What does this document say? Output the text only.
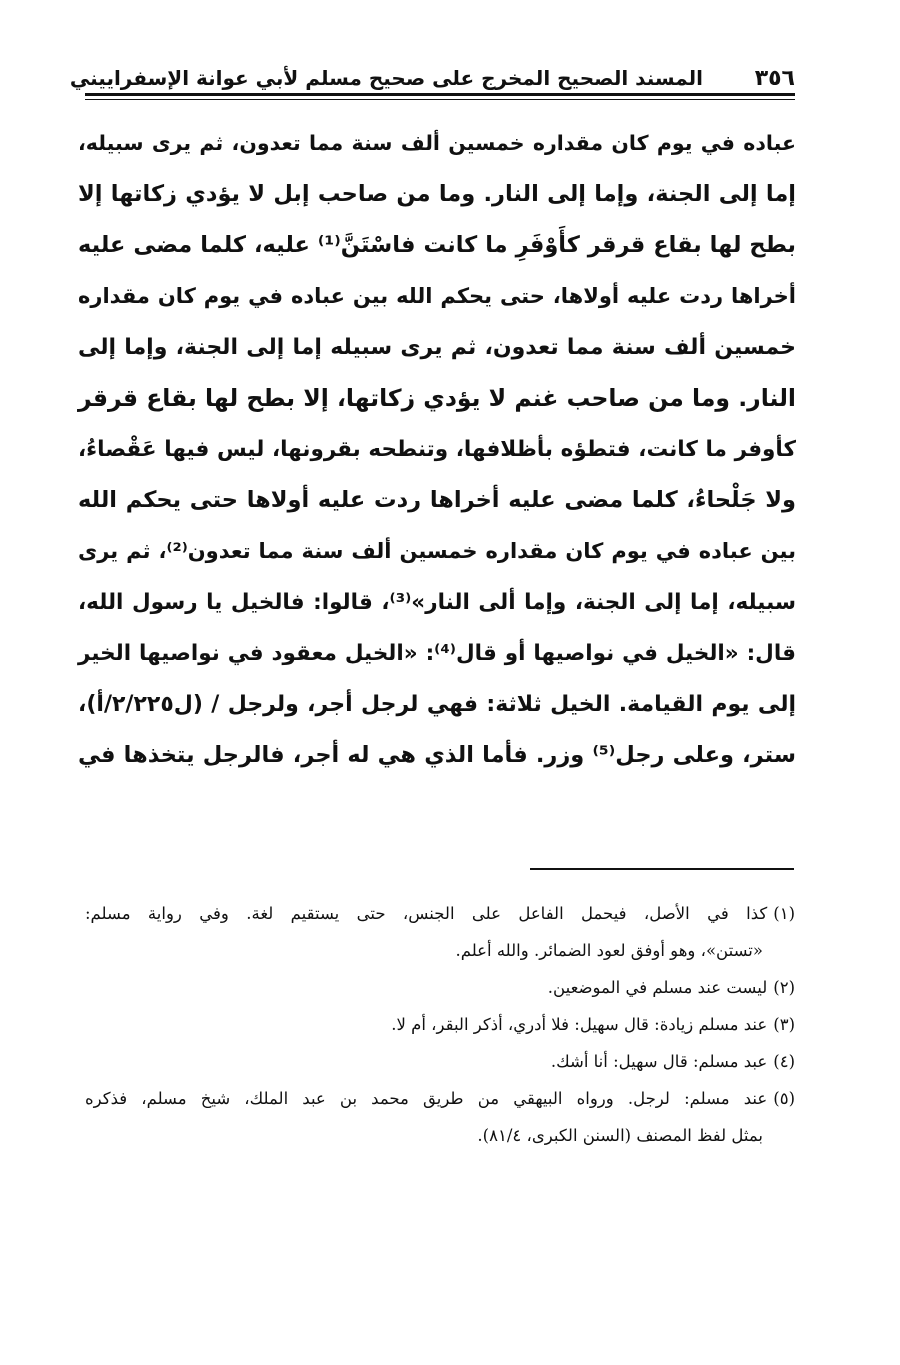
٣٥٦
المسند الصحيح المخرج على صحيح مسلم لأبي عوانة الإسفراييني
عباده في يوم كان مقداره خمسين ألف سنة مما تعدون، ثم يرى سبيله،
إما إلى الجنة، وإما إلى النار. وما من صاحب إبل لا يؤدي زكاتها إلا
بطح لها بقاع قرقر كأَوْفَرِ ما كانت فاسْتَنَّ⁽¹⁾ عليه، كلما مضى عليه
أخراها ردت عليه أولاها، حتى يحكم الله بين عباده في يوم كان مقداره
خمسين ألف سنة مما تعدون، ثم يرى سبيله إما إلى الجنة، وإما إلى
النار. وما من صاحب غنم لا يؤدي زكاتها، إلا بطح لها بقاع قرقر
كأوفر ما كانت، فتطؤه بأظلافها، وتنطحه بقرونها، ليس فيها عَقْصاءُ،
ولا جَلْحاءُ، كلما مضى عليه أخراها ردت عليه أولاها حتى يحكم الله
بين عباده في يوم كان مقداره خمسين ألف سنة مما تعدون⁽²⁾، ثم يرى
سبيله، إما إلى الجنة، وإما ألى النار»⁽³⁾، قالوا: فالخيل يا رسول الله،
قال: «الخيل في نواصيها أو قال⁽⁴⁾: «الخيل معقود في نواصيها الخير
إلى يوم القيامة. الخيل ثلاثة: فهي لرجل أجر، ولرجل / (ل٢/٢٢٥/أ)،
ستر، وعلى رجل⁽⁵⁾ وزر. فأما الذي هي له أجر، فالرجل يتخذها في
(١)كذا في الأصل، فيحمل الفاعل على الجنس، حتى يستقيم لغة. وفي رواية مسلم:
«تستن»، وهو أوفق لعود الضمائر. والله أعلم.
(٢)ليست عند مسلم في الموضعين.
(٣)عند مسلم زيادة: قال سهيل: فلا أدري، أذكر البقر، أم لا.
(٤)عبد مسلم: قال سهيل: أنا أشك.
(٥)عند مسلم: لرجل. ورواه البيهقي من طريق محمد بن عبد الملك، شيخ مسلم، فذكره
بمثل لفظ المصنف (السنن الكبرى، ٨١/٤).
